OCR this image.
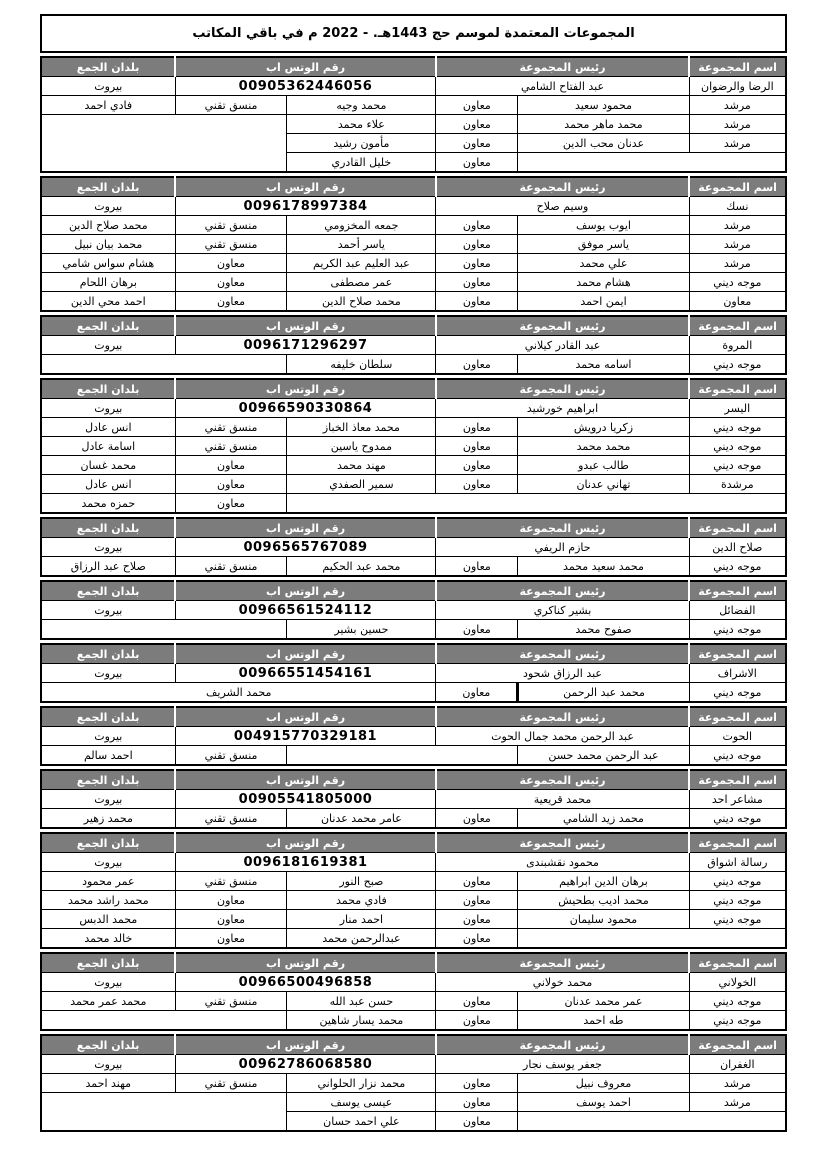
المجموعات المعتمدة لموسم حج 1443هـ. - 2022 م في باقي المكاتب
اسم المجموعة	رئيس المجموعة		رقم الوتس اب		بلدان الجمع
الرضا والرضوان	عبد الفتاح الشامي		00905362446056		بيروت
مرشد	محمود سعيد	معاون	محمد وجيه	منسق تقني	فادي احمد
مرشد	محمد ماهر محمد	معاون	علاء محمد		
مرشد	عدنان محب الدين	معاون	مأمون رشيد		
		معاون	خليل القادري		
اسم المجموعة	رئيس المجموعة		رقم الوتس اب		بلدان الجمع
نسك	وسيم صلاح		0096178997384		بيروت
مرشد	ايوب يوسف	معاون	جمعه المخزومي	منسق تقني	محمد صلاح الدين
مرشد	ياسر موفق	معاون	ياسر أحمد	منسق تقني	محمد بيان نبيل
مرشد	علي محمد	معاون	عبد العليم عبد الكريم	معاون	هشام سواس شامي
موجه ديني	هشام محمد	معاون	عمر مصطفى	معاون	برهان اللحام
معاون	ايمن احمد	معاون	محمد صلاح الدين	معاون	احمد محي الدين
اسم المجموعة	رئيس المجموعة		رقم الوتس اب		بلدان الجمع
المروة	عبد القادر كيلاني		0096171296297		بيروت
موجه ديني	اسامه محمد	معاون	سلطان خليفه		
اسم المجموعة	رئيس المجموعة		رقم الوتس اب		بلدان الجمع
اليسر	ابراهيم خورشيد		00966590330864		بيروت
موجه ديني	زكريا درويش	معاون	محمد معاذ الخباز	منسق تقني	انس عادل
موجه ديني	محمد محمد	معاون	ممدوح ياسين	منسق تقني	اسامة عادل
موجه ديني	طالب عبدو	معاون	مهند محمد	معاون	محمد غسان
مرشدة	تهاني عدنان	معاون	سمير الصفدي	معاون	انس عادل
				معاون	حمزه محمد
اسم المجموعة	رئيس المجموعة		رقم الوتس اب		بلدان الجمع
صلاح الدين	حازم الريفي		0096565767089		بيروت
موجه ديني	محمد سعيد محمد	معاون	محمد عبد الحكيم	منسق تقني	صلاح عبد الرزاق
اسم المجموعة	رئيس المجموعة		رقم الوتس اب		بلدان الجمع
الفضائل	بشير كناكري		00966561524112		بيروت
موجه ديني	صفوح محمد	معاون	حسين بشير		
اسم المجموعة	رئيس المجموعة		رقم الوتس اب	بلدان الجمع
الاشراف	عبد الرزاق شحود		00966551454161	بيروت
موجه ديني	محمد عبد الرحمن	معاون	محمد الشريف	
اسم المجموعة	رئيس المجموعة		رقم الوتس اب		بلدان الجمع
الحوت	عبد الرحمن محمد جمال الحوت		004915770329181		بيروت
موجه ديني	عبد الرحمن محمد حسن			منسق تقني	احمد سالم
اسم المجموعة	رئيس المجموعة		رقم الوتس اب		بلدان الجمع
مشاعر احد	محمد قريعية		00905541805000		بيروت
موجه ديني	محمد زيد الشامي	معاون	عامر محمد عدنان	منسق تقني	محمد زهير
اسم المجموعة	رئيس المجموعة		رقم الوتس اب		بلدان الجمع
رسالة اشواق	محمود نقشبندى		0096181619381		بيروت
موجه ديني	برهان الدين ابراهيم	معاون	صبح النور	منسق تقني	عمر محمود
موجه ديني	محمد اديب بطحيش	معاون	فادي محمد	معاون	محمد راشد محمد
موجه ديني	محمود سليمان	معاون	احمد منار	معاون	محمد الدبس
		معاون	عبدالرحمن محمد	معاون	خالد محمد
اسم المجموعة	رئيس المجموعة		رقم الوتس اب		بلدان الجمع
الخولاني	محمد خولاني		00966500496858		بيروت
موجه ديني	عمر محمد عدنان	معاون	حسن عبد الله	منسق تقني	محمد عمر محمد
موجه ديني	طه احمد	معاون	محمد يسار شاهين		
اسم المجموعة	رئيس المجموعة		رقم الوتس اب		بلدان الجمع
الغفران	جعفر يوسف نجار		00962786068580		بيروت
مرشد	معروف نبيل	معاون	محمد نزار الحلواني	منسق تقني	مهند احمد
مرشد	احمد يوسف	معاون	عيسى يوسف		
		معاون	علي احمد حسان		
